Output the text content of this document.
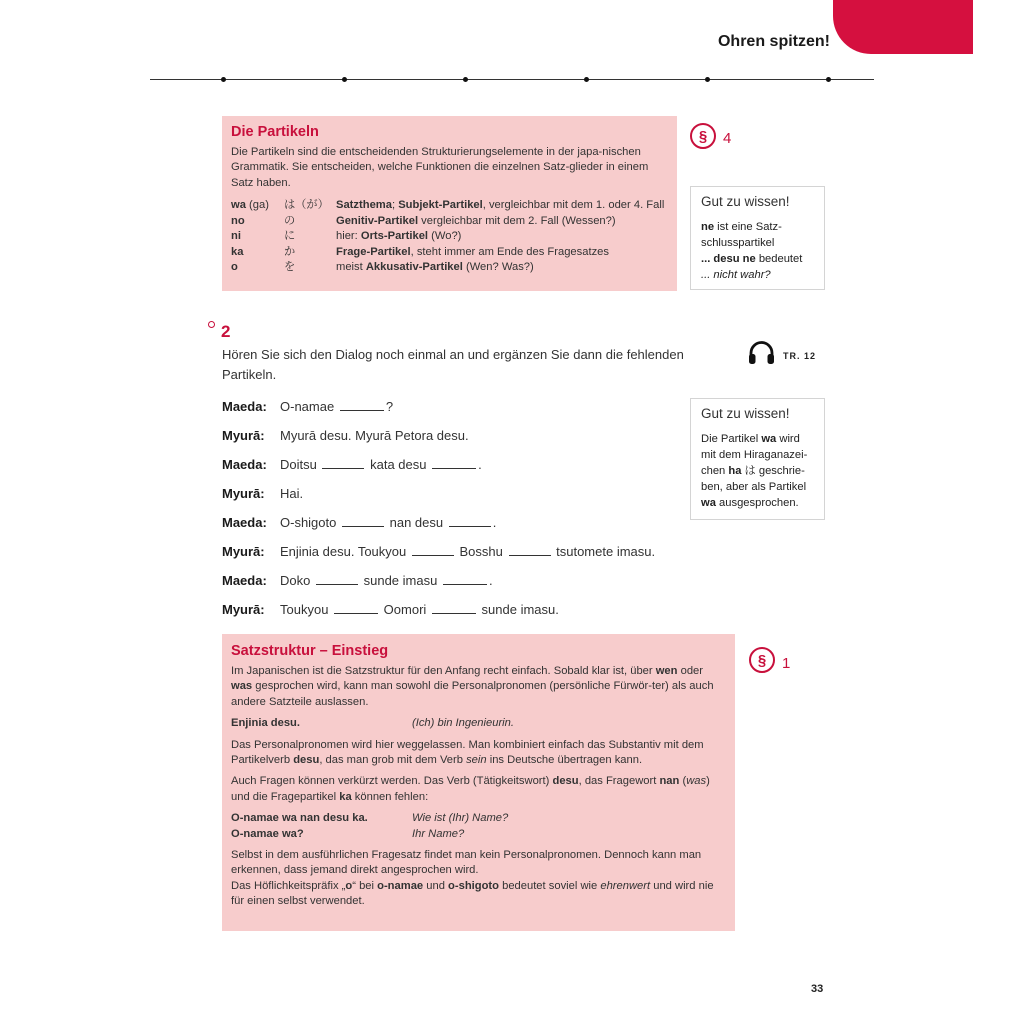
Ohren spitzen!
Die Partikeln
Die Partikeln sind die entscheidenden Strukturierungselemente in der japa-nischen Grammatik. Sie entscheiden, welche Funktionen die einzelnen Satz-glieder in einem Satz haben.
wa (ga)	は（が） Satzthema; Subjekt-Partikel, vergleichbar mit dem 1. oder 4. Fall
no	の	Genitiv-Partikel vergleichbar mit dem 2. Fall (Wessen?)
ni	に	hier: Orts-Partikel (Wo?)
ka	か	Frage-Partikel, steht immer am Ende des Fragesatzes
o	を	meist Akkusativ-Partikel (Wen? Was?)
§	4
Gut zu wissen!
ne ist eine Satz-
schlusspartikel
... desu ne bedeutet
... nicht wahr?
2
Hören Sie sich den Dialog noch einmal an und ergänzen Sie dann die fehlenden Partikeln.
TR. 12
Maeda:	O-namae	?
Myurā:	Myurā desu. Myurā Petora desu.
Maeda:	Doitsu	kata desu	.
Myurā:	Hai.
Maeda:	O-shigoto	nan desu	.
Myurā:	Enjinia desu. Toukyou	Bosshu	tsutomete imasu.
Maeda:	Doko	sunde imasu	.
Myurā:	Toukyou	Oomori	sunde imasu.
Gut zu wissen!
Die Partikel wa wird
mit dem Hiraganazei-
chen ha は geschrie-
ben, aber als Partikel
wa ausgesprochen.
Satzstruktur – Einstieg
Im Japanischen ist die Satzstruktur für den Anfang recht einfach. Sobald klar ist, über wen oder was gesprochen wird, kann man sowohl die Personalpronomen (persönliche Fürwör-ter) als auch andere Satzteile auslassen.
Enjinia desu.	(Ich) bin Ingenieurin.
Das Personalpronomen wird hier weggelassen. Man kombiniert einfach das Substantiv mit dem Partikelverb desu, das man grob mit dem Verb sein ins Deutsche übertragen kann.
Auch Fragen können verkürzt werden. Das Verb (Tätigkeitswort) desu, das Fragewort nan (was) und die Fragepartikel ka können fehlen:
O-namae wa nan desu ka.	Wie ist (Ihr) Name?
O-namae wa?	Ihr Name?
Selbst in dem ausführlichen Fragesatz findet man kein Personalpronomen. Dennoch kann man erkennen, dass jemand direkt angesprochen wird.
Das Höflichkeitspräfix „o“ bei o-namae und o-shigoto bedeutet soviel wie ehrenwert und wird nie für einen selbst verwendet.
§	1
33
